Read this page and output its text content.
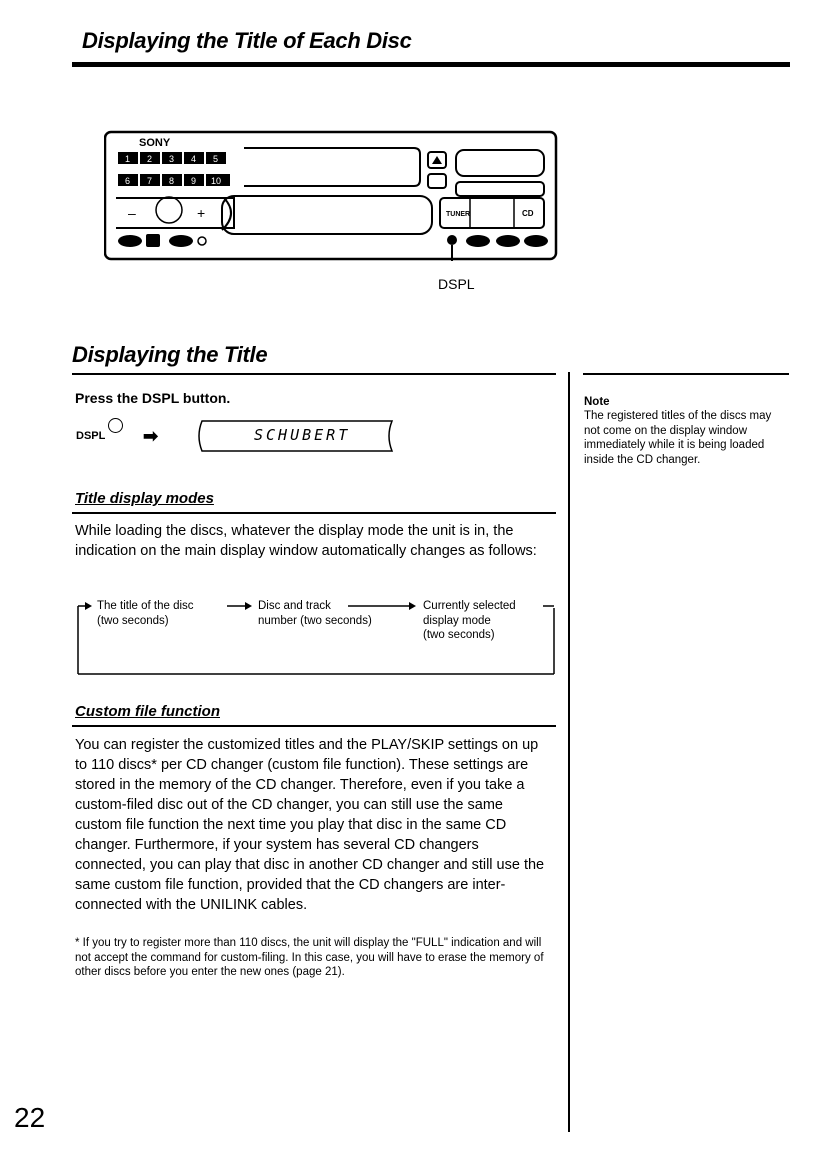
Displaying the Title of Each Disc
SONY
1 2 3 4 5
6 7 8 9 10
–	+	TUNER	CD
DSPL
Displaying the Title
Press the DSPL button.
DSPL ➡	SCHUBERT
Title display modes
While loading the discs, whatever the display mode the unit is in, the indication on the main display window automatically changes as follows:
The title of the disc
(two seconds)
Disc and track
number (two seconds)
Currently selected
display mode
(two seconds)
Custom file function
You can register the customized titles and the PLAY/SKIP settings on up to 110 discs* per CD changer (custom file function). These settings are stored in the memory of the CD changer. Therefore, even if you take a custom-filed disc out of the CD changer, you can still use the same custom file function the next time you play that disc in the same CD changer. Furthermore, if your system has several CD changers connected, you can play that disc in another CD changer and still use the same custom file function, provided that the CD changers are inter-connected with the UNILINK cables.
* If you try to register more than 110 discs, the unit will display the "FULL" indication and will not accept the command for custom-filing. In this case, you will have to erase the memory of other discs before you enter the new ones (page 21).
Note
The registered titles of the discs may not come on the display window immediately while it is being loaded inside the CD changer.
22
